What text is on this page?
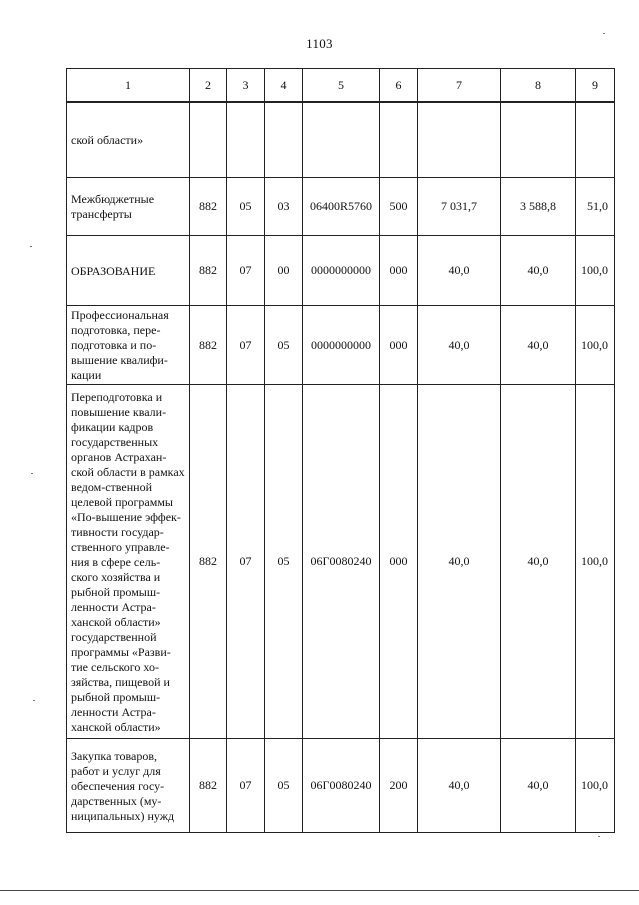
1103
1	2	3	4	5	6	7	8	9
ской области»								
Межбюджетные трансферты	882	05	03	06400R5760	500	7 031,7	3 588,8	51,0
ОБРАЗОВАНИЕ	882	07	00	0000000000	000	40,0	40,0	100,0
Профессиональная подготовка, пере-подготовка и по-вышение квалифи-кации	882	07	05	0000000000	000	40,0	40,0	100,0
Переподготовка и повышение квали-фикации кадров государственных органов Астрахан-ской области в рамках ведом-ственной целевой программы «По-вышение эффек-тивности государ-ственного управле-ния в сфере сель-ского хозяйства и рыбной промыш-ленности Астра-ханской области» государственной программы «Разви-тие сельского хо-зяйства, пищевой и рыбной промыш-ленности Астра-ханской области»	882	07	05	06Г0080240	000	40,0	40,0	100,0
Закупка товаров, работ и услуг для обеспечения госу-дарственных (му-ниципальных) нужд	882	07	05	06Г0080240	200	40,0	40,0	100,0
